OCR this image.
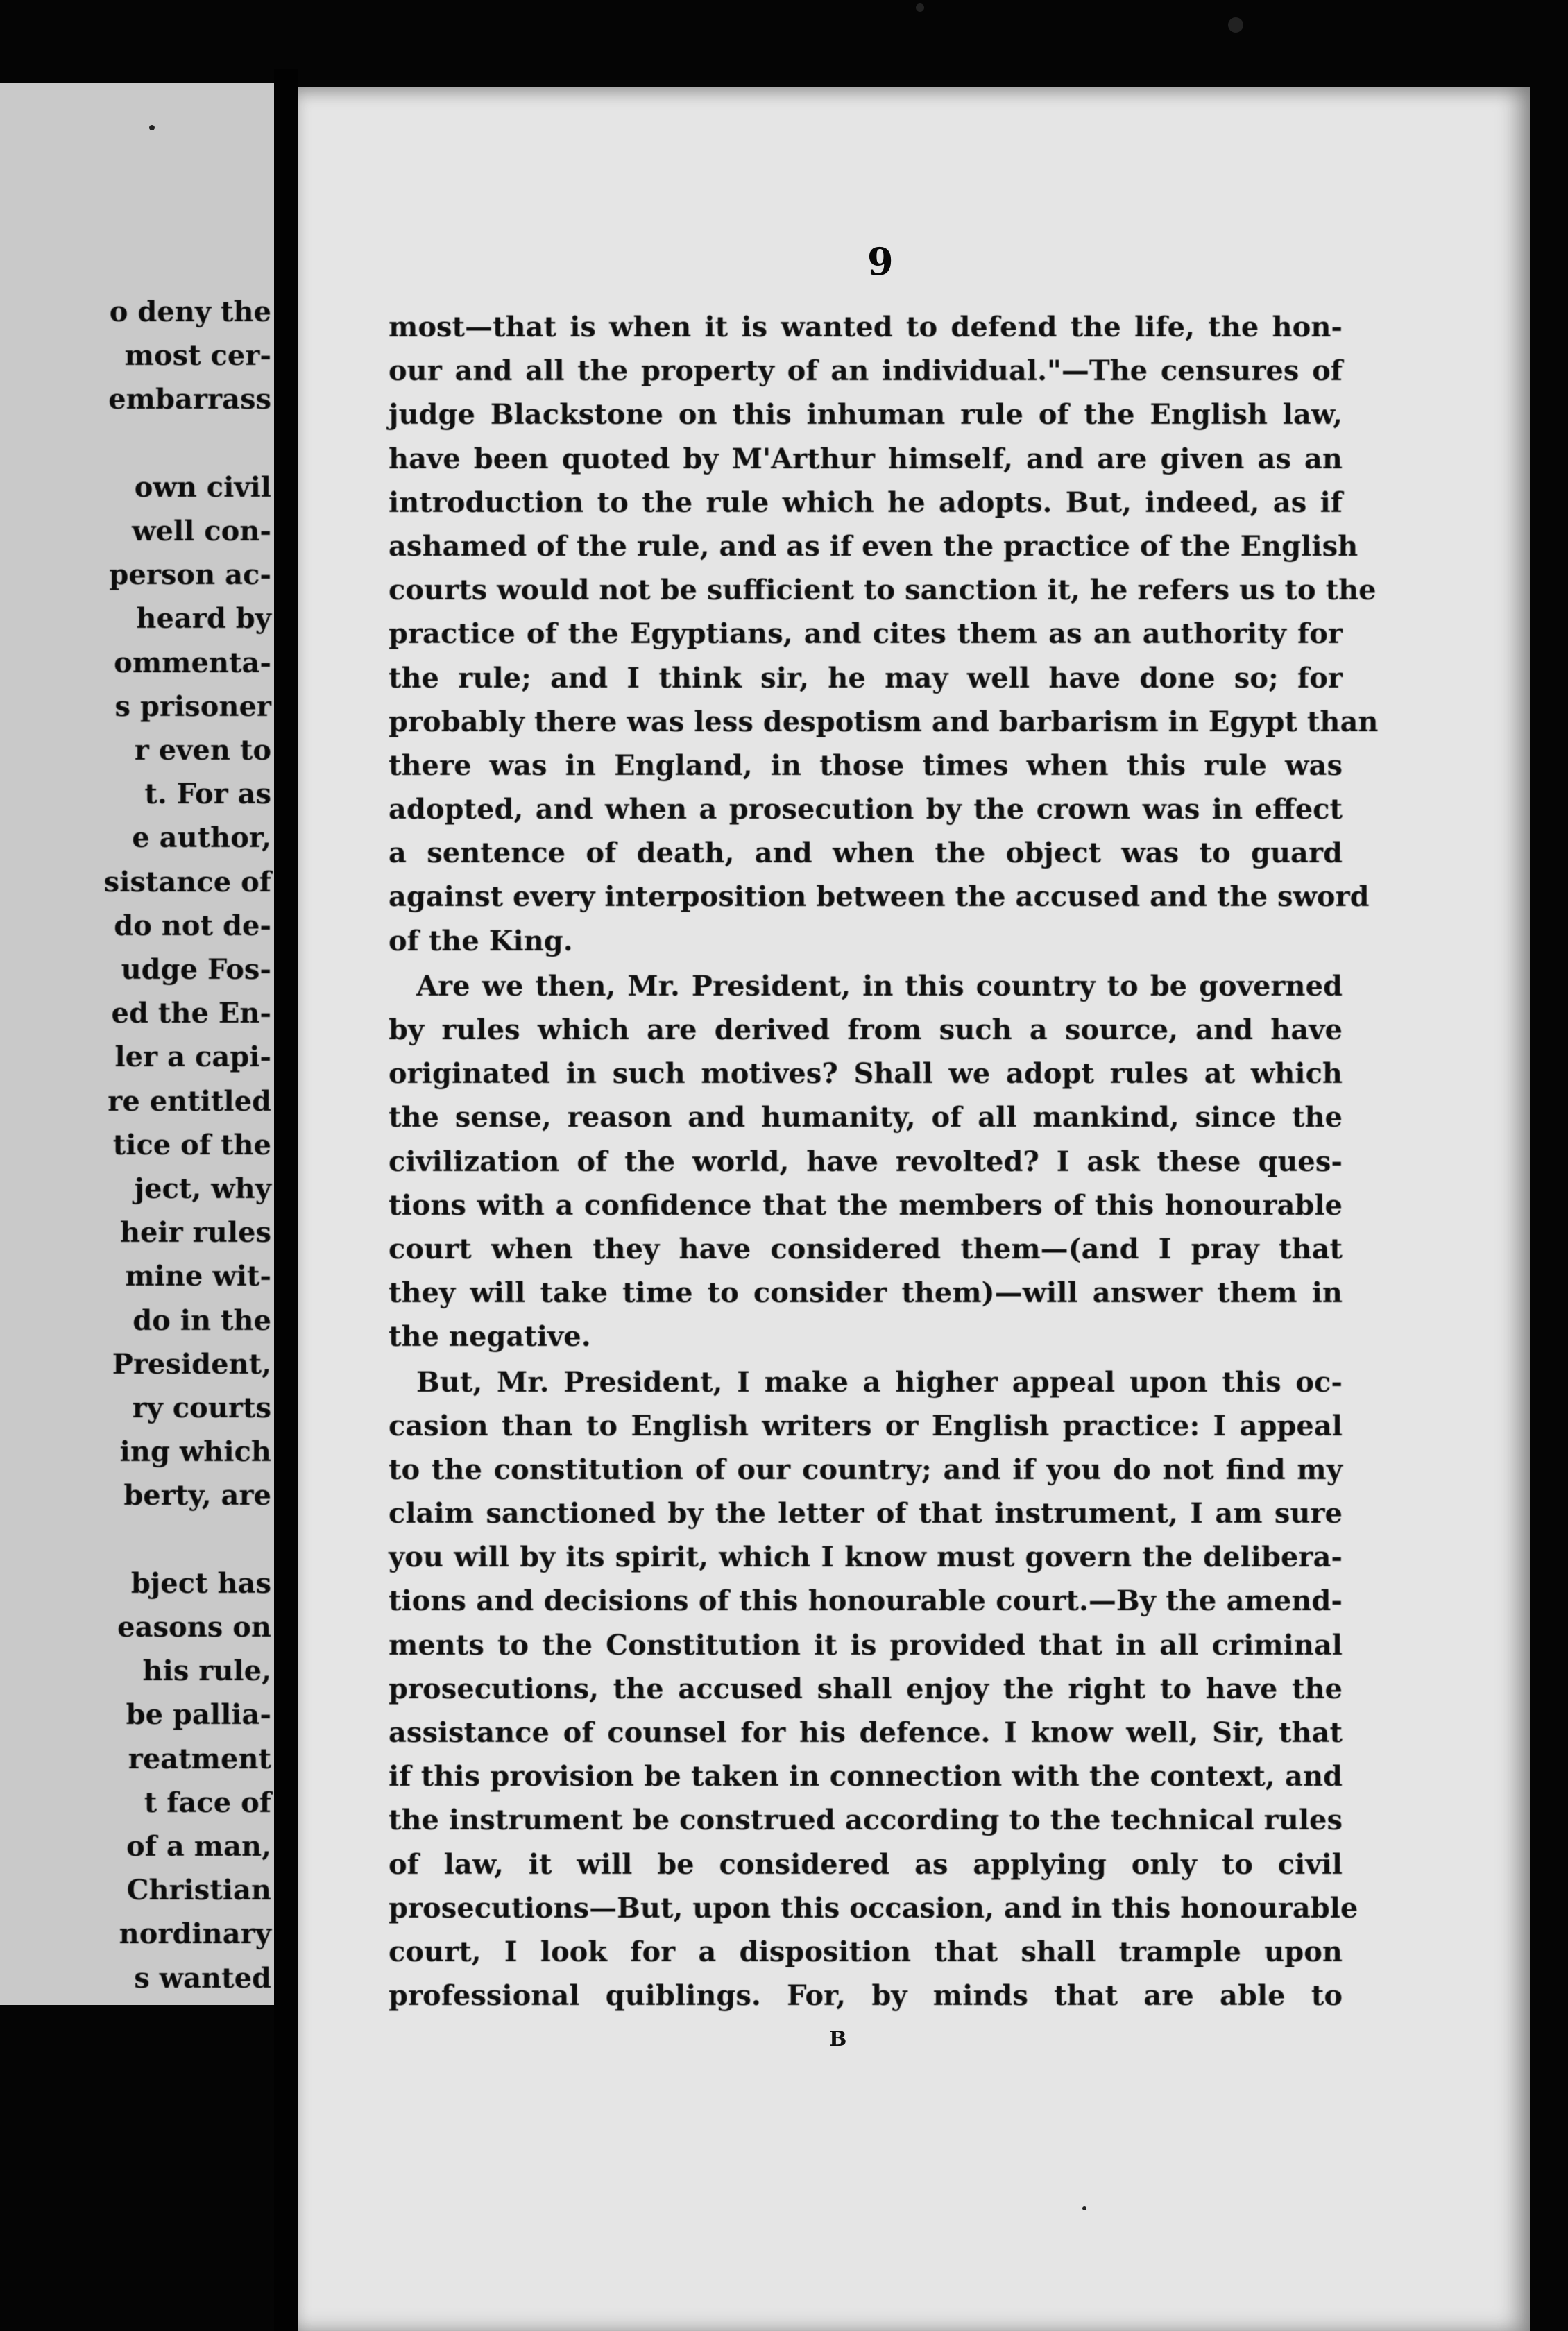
o deny the
most cer-
embarrass
own civil
well con-
person ac-
heard by
ommenta-
s prisoner
r even to
t. For as
e author,
sistance of
do not de-
udge Fos-
ed the En-
ler a capi-
re entitled
tice of the
ject, why
heir rules
mine wit-
do in the
President,
ry courts
ing which
berty, are
bject has
easons on
his rule,
be pallia-
reatment
t face of
of a man,
Christian
nordinary
s wanted
9
most—that is when it is wanted to defend the life, the hon-
our and all the property of an individual."—The censures of
judge Blackstone on this inhuman rule of the English law,
have been quoted by M'Arthur himself, and are given as an
introduction to the rule which he adopts. But, indeed, as if
ashamed of the rule, and as if even the practice of the English
courts would not be sufficient to sanction it, he refers us to the
practice of the Egyptians, and cites them as an authority for
the rule; and I think sir, he may well have done so; for
probably there was less despotism and barbarism in Egypt than
there was in England, in those times when this rule was
adopted, and when a prosecution by the crown was in effect
a sentence of death, and when the object was to guard
against every interposition between the accused and the sword
of the King.
Are we then, Mr. President, in this country to be governed
by rules which are derived from such a source, and have
originated in such motives? Shall we adopt rules at which
the sense, reason and humanity, of all mankind, since the
civilization of the world, have revolted? I ask these ques-
tions with a confidence that the members of this honourable
court when they have considered them—(and I pray that
they will take time to consider them)—will answer them in
the negative.
But, Mr. President, I make a higher appeal upon this oc-
casion than to English writers or English practice: I appeal
to the constitution of our country; and if you do not find my
claim sanctioned by the letter of that instrument, I am sure
you will by its spirit, which I know must govern the delibera-
tions and decisions of this honourable court.—By the amend-
ments to the Constitution it is provided that in all criminal
prosecutions, the accused shall enjoy the right to have the
assistance of counsel for his defence. I know well, Sir, that
if this provision be taken in connection with the context, and
the instrument be construed according to the technical rules
of law, it will be considered as applying only to civil
prosecutions—But, upon this occasion, and in this honourable
court, I look for a disposition that shall trample upon
professional quiblings. For, by minds that are able to
B
